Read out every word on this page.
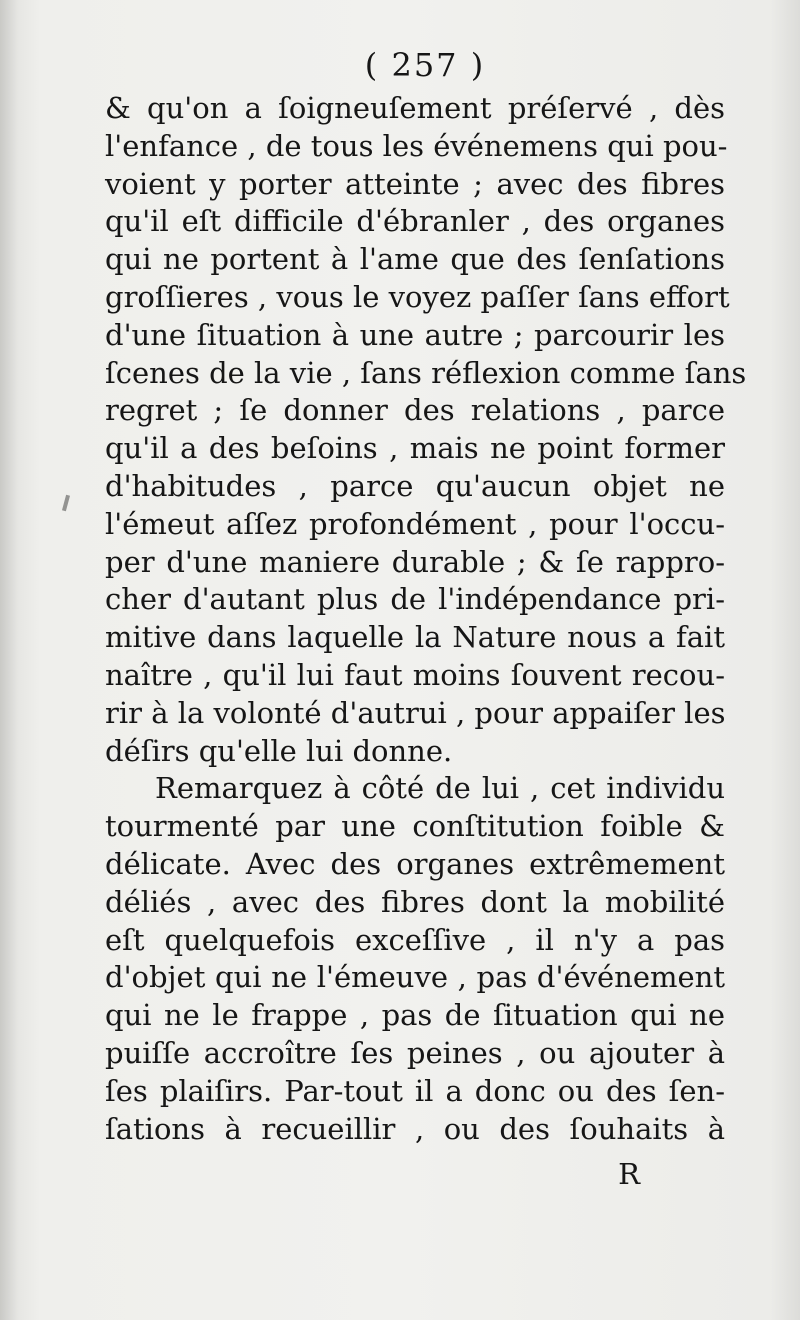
( 257 )
& qu'on a ſoigneuſement préſervé , dès
l'enfance , de tous les événemens qui pou-
voient y porter atteinte ; avec des fibres
qu'il eſt difficile d'ébranler , des organes
qui ne portent à l'ame que des ſenſations
groſſieres , vous le voyez paſſer ſans effort
d'une ſituation à une autre ; parcourir les
ſcenes de la vie , ſans réflexion comme ſans
regret ; ſe donner des relations , parce
qu'il a des beſoins , mais ne point former
d'habitudes , parce qu'aucun objet ne
l'émeut aſſez profondément , pour l'occu-
per d'une maniere durable ; & ſe rappro-
cher d'autant plus de l'indépendance pri-
mitive dans laquelle la Nature nous a fait
naître , qu'il lui faut moins ſouvent recou-
rir à la volonté d'autrui , pour appaiſer les
déſirs qu'elle lui donne.
Remarquez à côté de lui , cet individu
tourmenté par une conſtitution foible &
délicate. Avec des organes extrêmement
déliés , avec des fibres dont la mobilité
eſt quelquefois exceſſive , il n'y a pas
d'objet qui ne l'émeuve , pas d'événement
qui ne le frappe , pas de ſituation qui ne
puiſſe accroître ſes peines , ou ajouter à
ſes plaiſirs. Par-tout il a donc ou des ſen-
ſations à recueillir , ou des ſouhaits à
R
